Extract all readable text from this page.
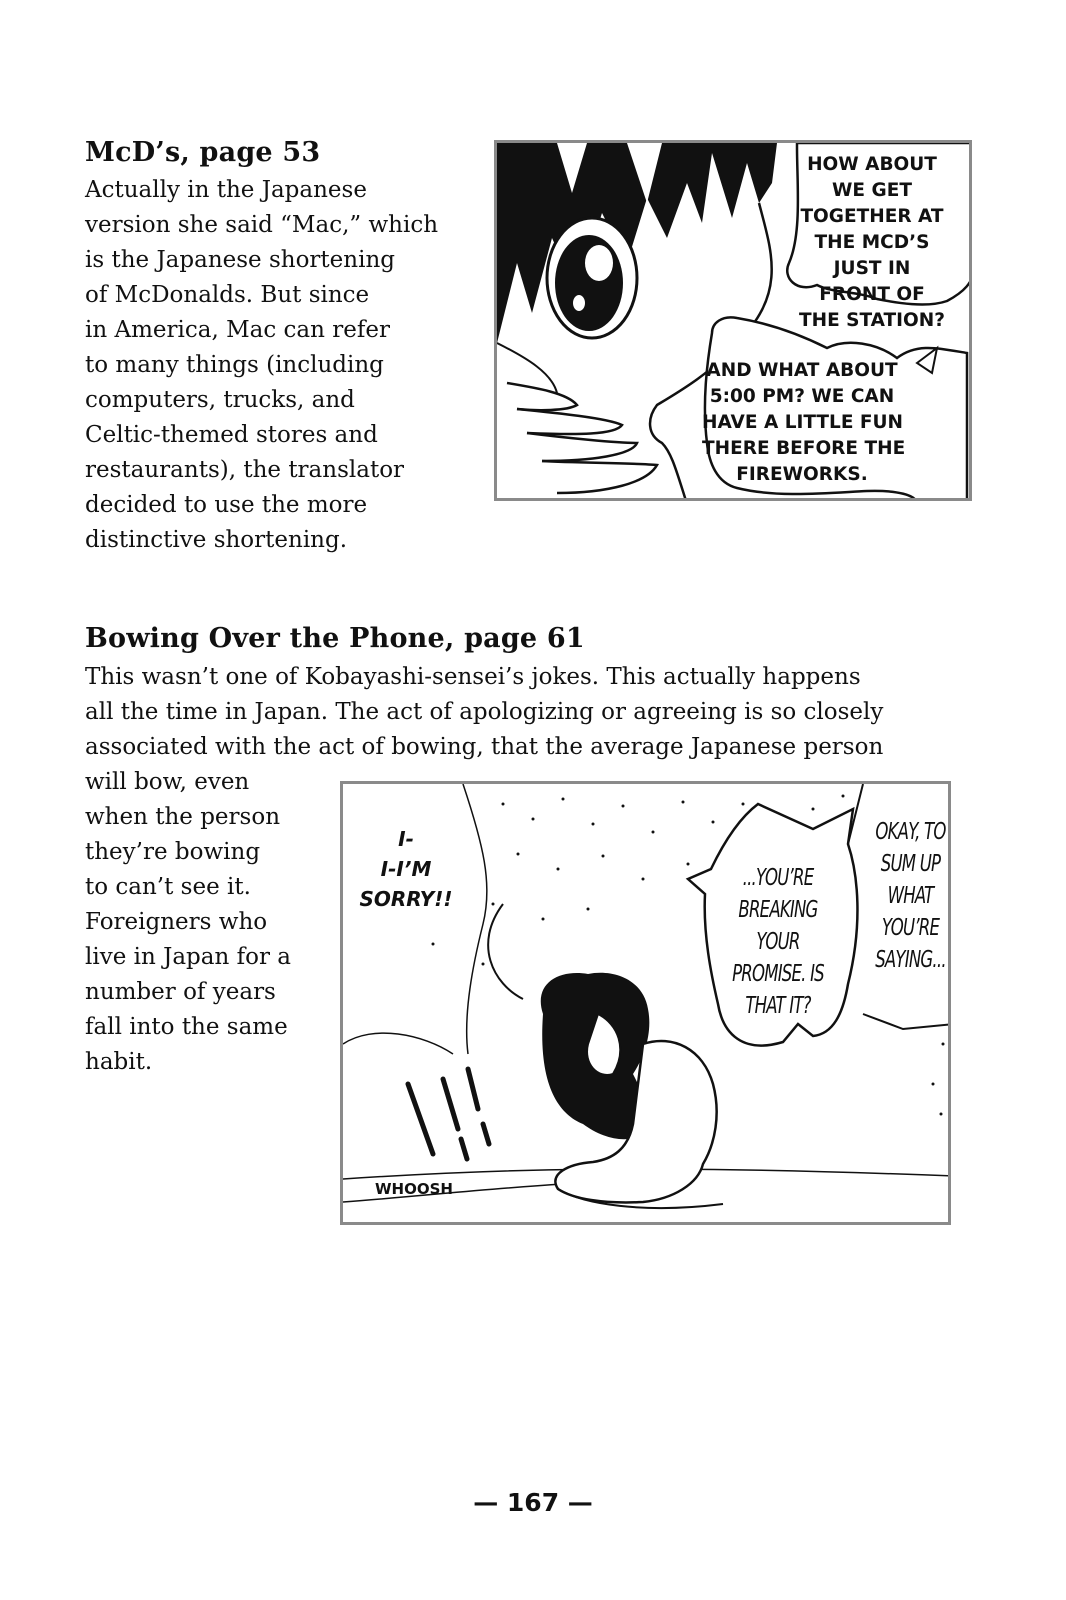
McD’s, page 53
Actually in the Japanese
version she said “Mac,” which
is the Japanese shortening
of McDonalds. But since
in America, Mac can refer
to many things (including
computers, trucks, and
Celtic-themed stores and
restaurants), the translator
decided to use the more
distinctive shortening.
HOW ABOUT
WE GET
TOGETHER AT
THE MCD’S
JUST IN
FRONT OF
THE STATION?
AND WHAT ABOUT
5:00 PM? WE CAN
HAVE A LITTLE FUN
THERE BEFORE THE
FIREWORKS.
Bowing Over the Phone, page 61
This wasn’t one of Kobayashi-sensei’s jokes. This actually happens
all the time in Japan. The act of apologizing or agreeing is so closely
associated with the act of bowing, that the average Japanese person
will bow, even
when the person
they’re bowing
to can’t see it.
Foreigners who
live in Japan for a
number of years
fall into the same
habit.
I-
I-I’M
SORRY!!
...YOU’RE
BREAKING
YOUR
PROMISE. IS
THAT IT?
OKAY, TO
SUM UP
WHAT
YOU’RE
SAYING...
WHOOSH
— 167 —
